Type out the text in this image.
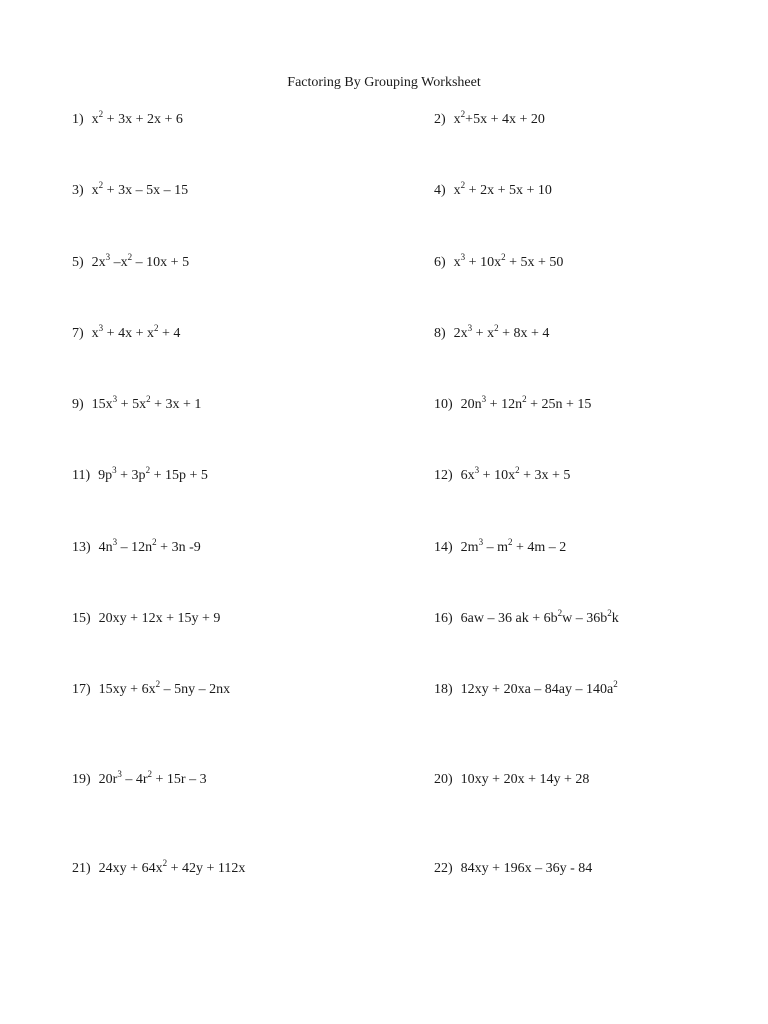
Factoring By Grouping Worksheet
1) $x^2 + 3x + 2x + 6$	2) $x^2+5x + 4x + 20$
3) $x^2 + 3x - 5x - 15$	4) $x^2 + 2x + 5x + 10$
5) $2x^3$ $-x^2 - 10x + 5$	6) $x^3 + 10x^2 + 5x + 50$
7) $x^3 + 4x + x^2 + 4$	8) $2x^3 + x^2 + 8x + 4$
9) $15x^3 + 5x^2 + 3x + 1$	10) $20n^3 + 12n^2 + 25n + 15$
11) $9p^3 + 3p^2 + 15p + 5$	12) $6x^3 + 10x^2 + 3x + 5$
13) $4n^3 - 12n^2 + 3n$ -9	14) $2m^3 - m^2 + 4m - 2$
15) 20xy + 12x + 15y + 9	16) 6aw – 36 ak + $6b^2w - 36b^2k$
17) $15xy + 6x^2 - 5ny - 2nx$	18) $12xy + 20xa - 84ay - 140a^2$
19) $20r^3 - 4r^2 + 15r - 3$	20) 10xy + 20x + 14y + 28
21) $24xy + 64x^2 + 42y + 112x$	22) 84xy + 196x – 36y - 84
